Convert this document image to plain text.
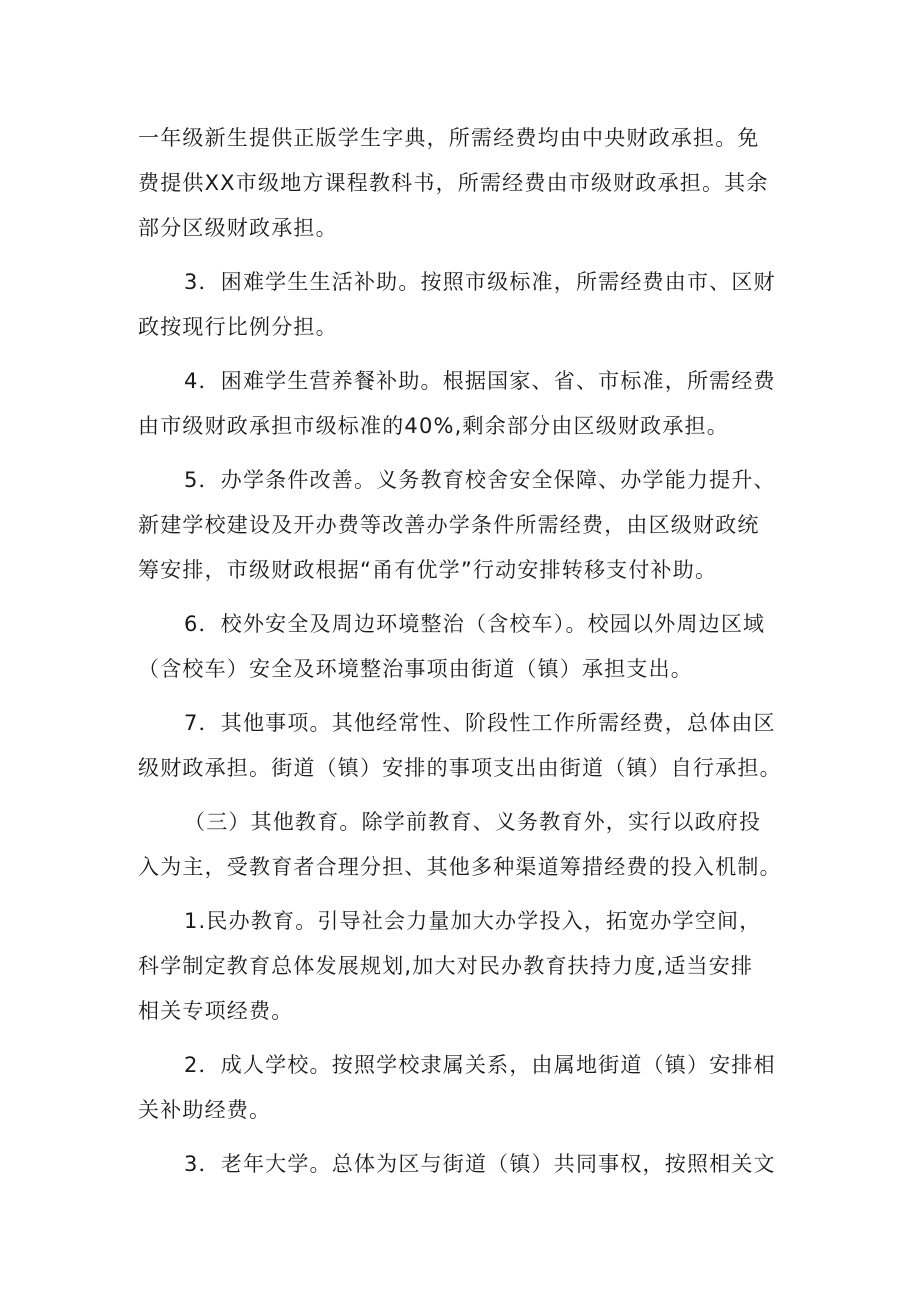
一年级新生提供正版学生字典，所需经费均由中央财政承担。免
费提供XX市级地方课程教科书，所需经费由市级财政承担。其余
部分区级财政承担。

3．困难学生生活补助。按照市级标准，所需经费由市、区财
政按现行比例分担。

4．困难学生营养餐补助。根据国家、省、市标准，所需经费
由市级财政承担市级标准的40%,剩余部分由区级财政承担。

5．办学条件改善。义务教育校舍安全保障、办学能力提升、
新建学校建设及开办费等改善办学条件所需经费，由区级财政统
筹安排，市级财政根据“甬有优学”行动安排转移支付补助。

6．校外安全及周边环境整治（含校车）。校园以外周边区域
（含校车）安全及环境整治事项由街道（镇）承担支出。

7．其他事项。其他经常性、阶段性工作所需经费，总体由区
级财政承担。街道（镇）安排的事项支出由街道（镇）自行承担。

（三）其他教育。除学前教育、义务教育外，实行以政府投
入为主，受教育者合理分担、其他多种渠道筹措经费的投入机制。

1.民办教育。引导社会力量加大办学投入，拓宽办学空间，
科学制定教育总体发展规划,加大对民办教育扶持力度,适当安排
相关专项经费。

2．成人学校。按照学校隶属关系，由属地街道（镇）安排相
关补助经费。

3．老年大学。总体为区与街道（镇）共同事权，按照相关文
